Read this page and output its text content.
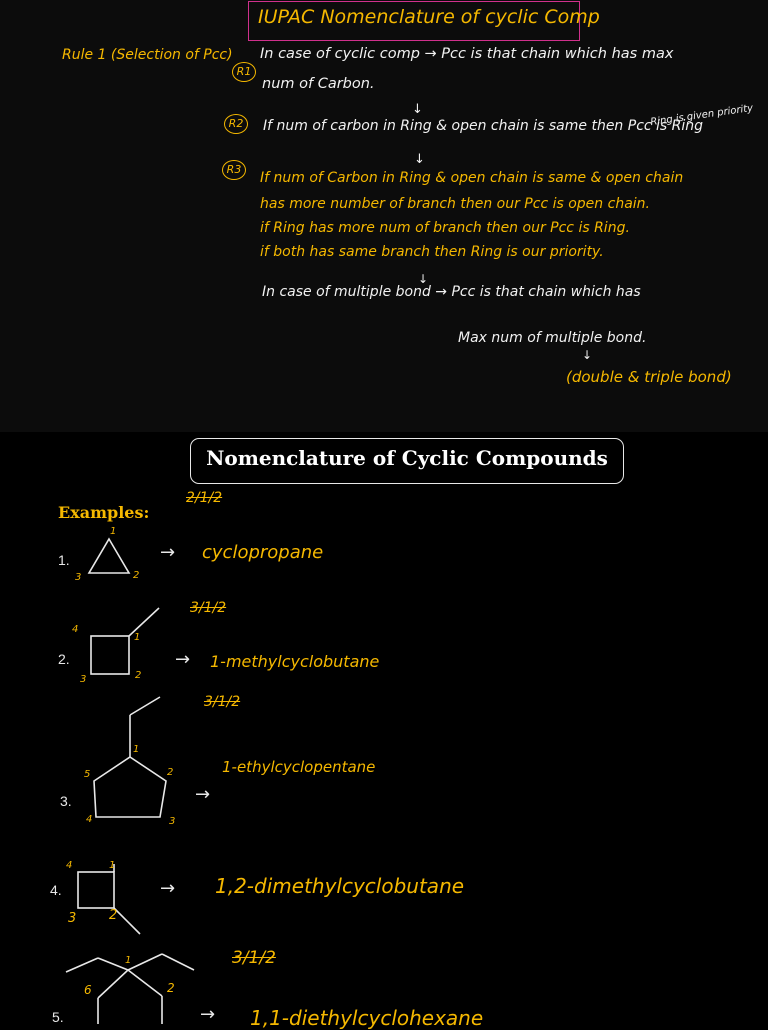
IUPAC Nomenclature of cyclic Comp
Rule 1 (Selection of Pcc)
R1
In case of cyclic comp → Pcc is that chain which has max
num of Carbon.
R2	If num of carbon in Ring & open chain is same then Pcc is Ring
Ring is given priority
↓
R3
↓
If num of Carbon in Ring & open chain is same & open chain
has more number of branch then our Pcc is open chain.
if Ring has more num of branch then our Pcc is Ring.
if both has same branch then Ring is our priority.
↓
In case of multiple bond → Pcc is that chain which has
Max num of multiple bond.
↓
(double & triple bond)
Nomenclature of Cyclic Compounds
Examples:
2/1/2
1.
1
2
3
→ cyclopropane
3/1/2
2.
4
1
2
3
→ 1-methylcyclobutane
3/1/2
3.
1
2
3
4
5
→
1-ethylcyclopentane
4.
4	1
3	2
→ 1,2-dimethylcyclobutane
3/1/2
5.
1
2
6
→ 1,1-diethylcyclohexane
